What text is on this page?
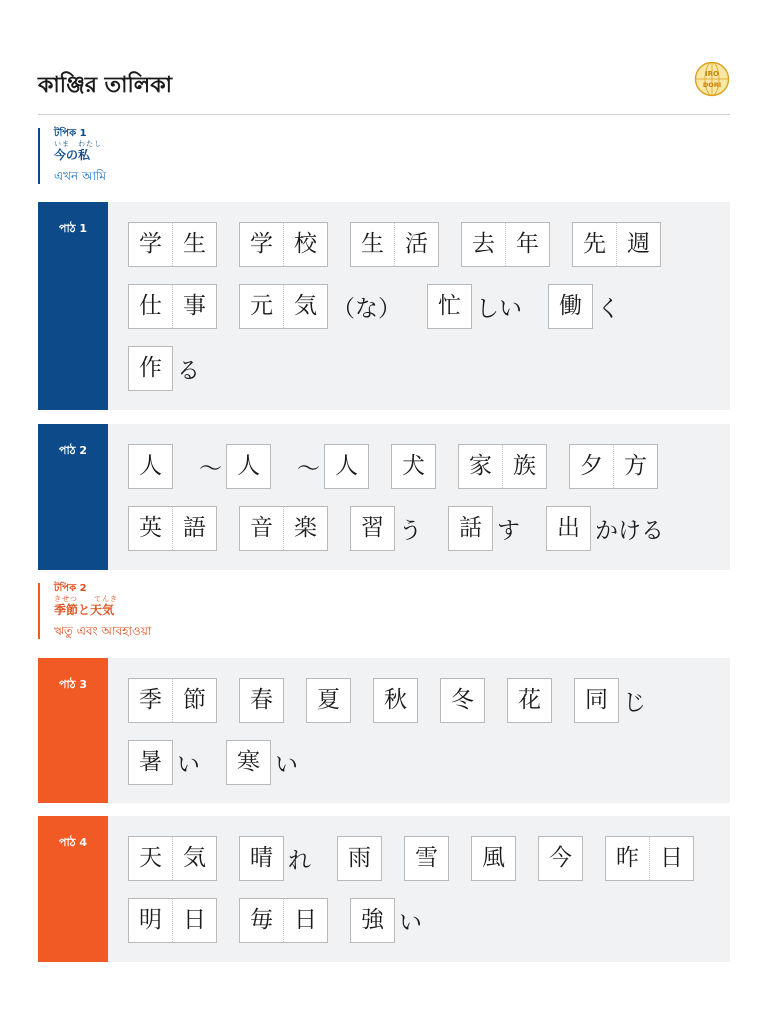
কাঞ্জির তালিকা	IRO
DORI
টপিক 1
いま　わたし
今の私
এখন আমি
পাঠ 1
学 生	学 校	生 活	去 年	先 週
仕 事	元 気 （な）	忙 しい	働 く
作 る
পাঠ 2
人	～ 人	～ 人	犬	家 族	夕 方
英 語	音 楽	習 う	話 す	出 かける
টপিক 2
きせつ　　てんき
季節と天気
ঋতু এবং আবহাওয়া
পাঠ 3
季 節	春	夏	秋	冬	花	同 じ
暑 い	寒 い
পাঠ 4
天 気	晴 れ	雨	雪	風	今	昨 日
明 日	毎 日	強 い
